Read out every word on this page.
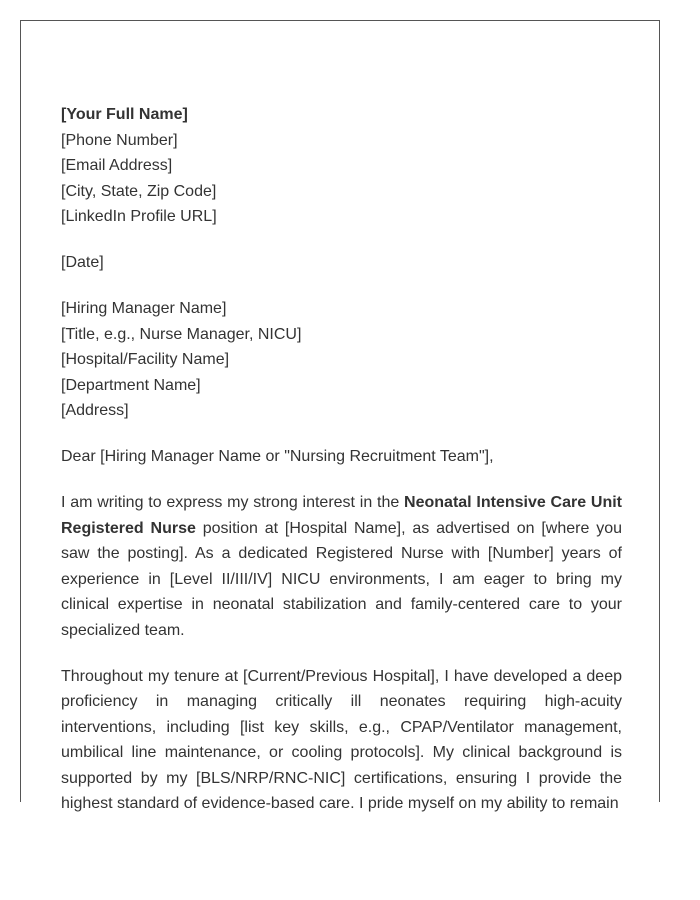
[Your Full Name]
[Phone Number]
[Email Address]
[City, State, Zip Code]
[LinkedIn Profile URL]
[Date]
[Hiring Manager Name]
[Title, e.g., Nurse Manager, NICU]
[Hospital/Facility Name]
[Department Name]
[Address]
Dear [Hiring Manager Name or "Nursing Recruitment Team"],

I am writing to express my strong interest in the Neonatal Intensive Care Unit Registered Nurse position at [Hospital Name], as advertised on [where you saw the posting]. As a dedicated Registered Nurse with [Number] years of experience in [Level II/III/IV] NICU environments, I am eager to bring my clinical expertise in neonatal stabilization and family-centered care to your specialized team.

Throughout my tenure at [Current/Previous Hospital], I have developed a deep proficiency in managing critically ill neonates requiring high-acuity interventions, including [list key skills, e.g., CPAP/Ventilator management, umbilical line maintenance, or cooling protocols]. My clinical background is supported by my [BLS/NRP/RNC-NIC] certifications, ensuring I provide the highest standard of evidence-based care. I pride myself on my ability to remain
